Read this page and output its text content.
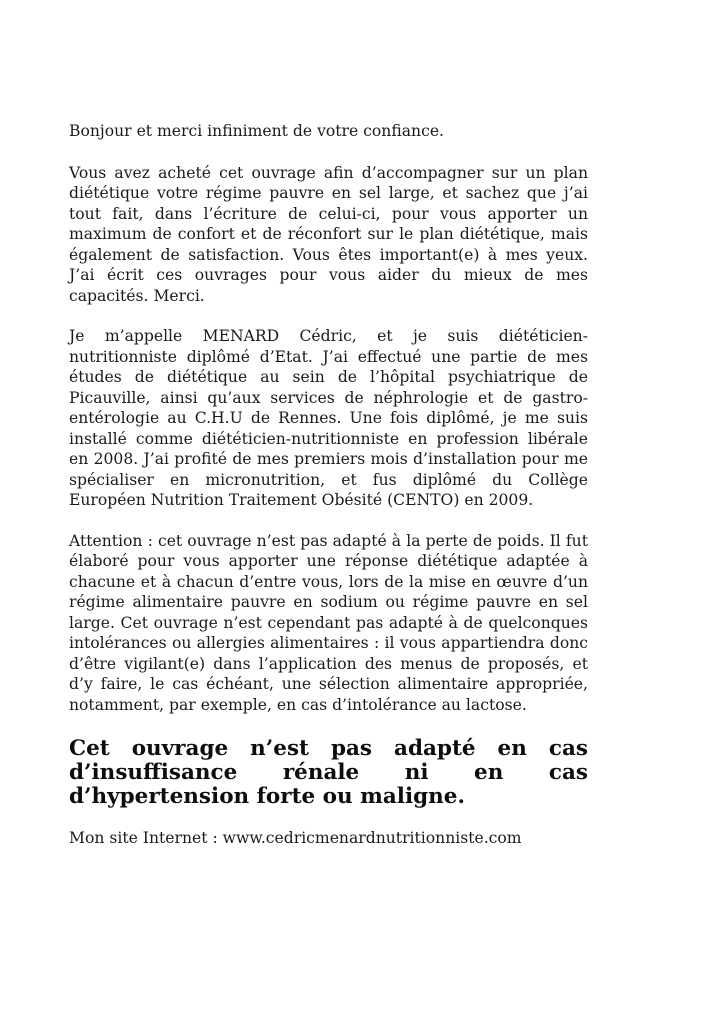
Bonjour et merci infiniment de votre confiance.

Vous avez acheté cet ouvrage afin d’accompagner sur un plan diététique votre régime pauvre en sel large, et sachez que j’ai tout fait, dans l’écriture de celui-ci, pour vous apporter un maximum de confort et de réconfort sur le plan diététique, mais également de satisfaction. Vous êtes important(e) à mes yeux. J’ai écrit ces ouvrages pour vous aider du mieux de mes capacités. Merci.

Je m’appelle MENARD Cédric, et je suis diététicien-nutritionniste diplômé d’Etat. J’ai effectué une partie de mes études de diététique au sein de l’hôpital psychiatrique de Picauville, ainsi qu’aux services de néphrologie et de gastro-entérologie au C.H.U de Rennes. Une fois diplômé, je me suis installé comme diététicien-nutritionniste en profession libérale en 2008. J’ai profité de mes premiers mois d’installation pour me spécialiser en micronutrition, et fus diplômé du Collège Européen Nutrition Traitement Obésité (CENTO) en 2009.

Attention : cet ouvrage n’est pas adapté à la perte de poids. Il fut élaboré pour vous apporter une réponse diététique adaptée à chacune et à chacun d’entre vous, lors de la mise en œuvre d’un régime alimentaire pauvre en sodium ou régime pauvre en sel large. Cet ouvrage n’est cependant pas adapté à de quelconques intolérances ou allergies alimentaires : il vous appartiendra donc d’être vigilant(e) dans l’application des menus de proposés, et d’y faire, le cas échéant, une sélection alimentaire appropriée, notamment, par exemple, en cas d’intolérance au lactose.

Cet ouvrage n’est pas adapté en cas d’insuffisance rénale ni en cas d’hypertension forte ou maligne.

Mon site Internet : www.cedricmenardnutritionniste.com
